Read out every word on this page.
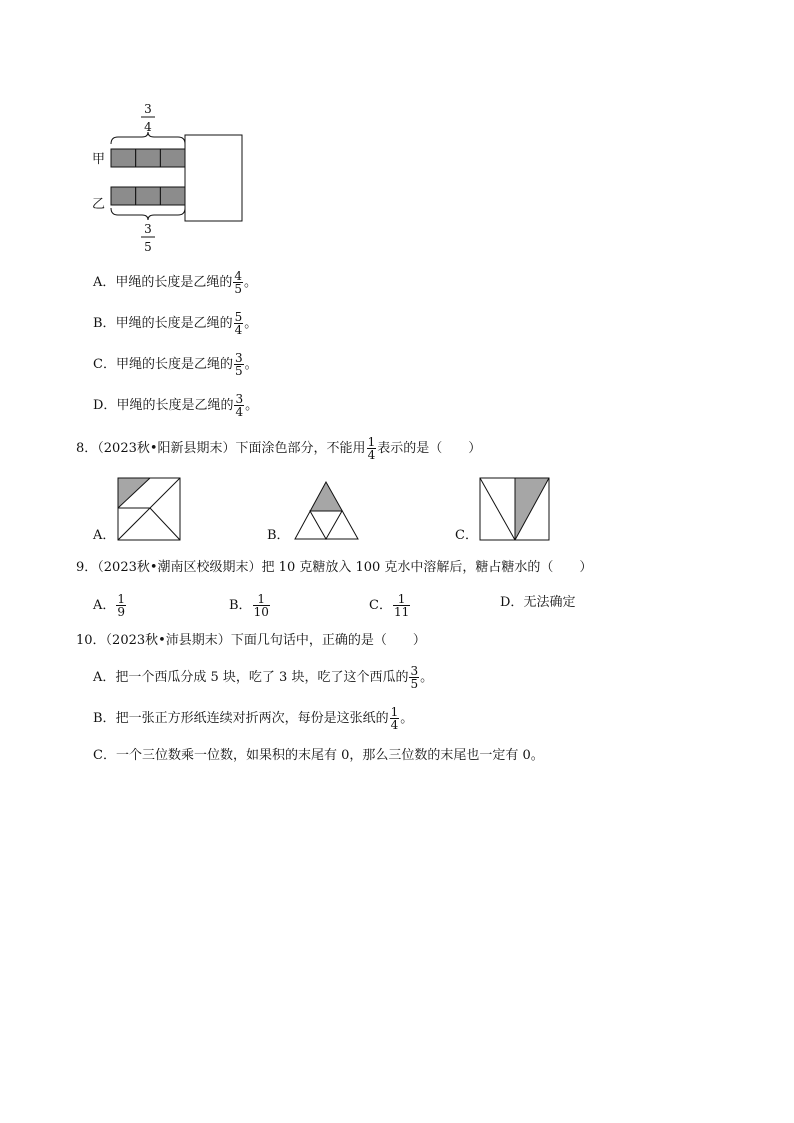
3
4
甲
乙
3
5
A．甲绳的长度是乙绳的 $\frac{4}{5}$ 。
B．甲绳的长度是乙绳的 $\frac{5}{4}$ 。
C．甲绳的长度是乙绳的 $\frac{3}{5}$ 。
D．甲绳的长度是乙绳的 $\frac{3}{4}$ 。
8．（2023秋•阳新县期末）下面涂色部分，不能用 $\frac{1}{4}$ 表示的是（　　）
A．	B．	C．
9．（2023秋•潮南区校级期末）把 10 克糖放入 100 克水中溶解后，糖占糖水的（　　）
A． $\frac{1}{9}$	B． $\frac{1}{10}$	C． $\frac{1}{11}$	D．无法确定
10．（2023秋•沛县期末）下面几句话中，正确的是（　　）
A．把一个西瓜分成 5 块，吃了 3 块，吃了这个西瓜的 $\frac{3}{5}$ 。
B．把一张正方形纸连续对折两次，每份是这张纸的 $\frac{1}{4}$ 。
C．一个三位数乘一位数，如果积的末尾有 0，那么三位数的末尾也一定有 0。
